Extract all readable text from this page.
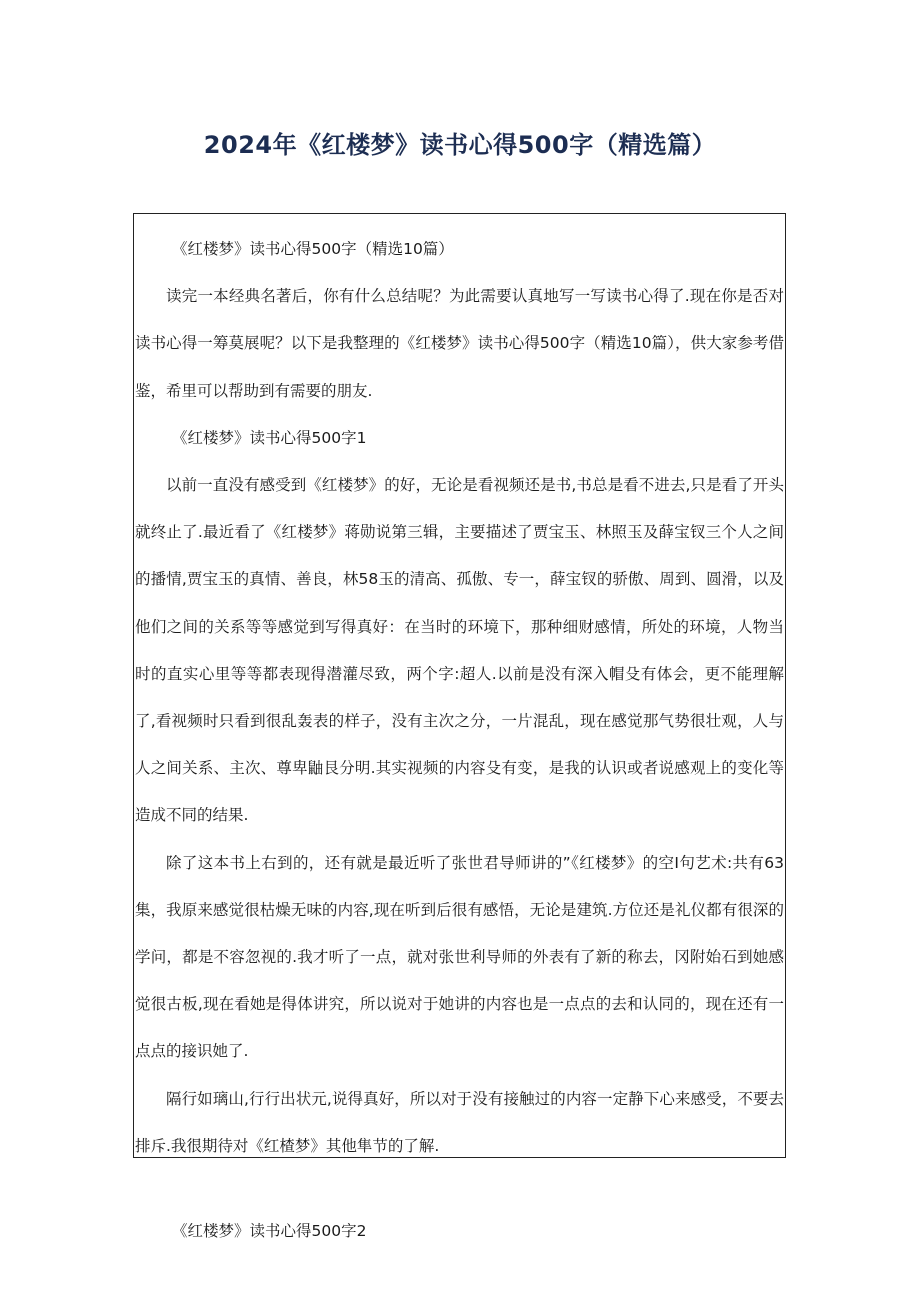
2024年《红楼梦》读书心得500字（精选篇）

《红楼梦》读书心得500字（精选10篇）

读完一本经典名著后，你有什么总结呢？为此需要认真地写一写读书心得了.现在你是否对读书心得一筹莫展呢？以下是我整理的《红楼梦》读书心得500字（精选10篇），供大家参考借鉴，希里可以帮助到有需要的朋友.

《红楼梦》读书心得500字1

以前一直没有感受到《红楼梦》的好，无论是看视频还是书,书总是看不进去,只是看了开头就终止了.最近看了《红楼梦》蒋勋说第三辑，主要描述了贾宝玉、林照玉及薛宝钗三个人之间的播情,贾宝玉的真情、善良，林58玉的清高、孤傲、专一，薛宝钗的骄傲、周到、圆滑，以及他们之间的关系等等感觉到写得真好：在当时的环境下，那种细财感情，所处的环境，人物当时的直实心里等等都表现得潜灌尽致，两个字:超人.以前是没有深入帽殳有体会，更不能理解了,看视频时只看到很乱轰表的样子，没有主次之分，一片混乱，现在感觉那气势很壮观，人与人之间关系、主次、尊卑鼬艮分明.其实视频的内容殳有变，是我的认识或者说感观上的变化等造成不同的结果.

除了这本书上右到的，还有就是最近听了张世君导师讲的”《红楼梦》的空I句艺术:共有63集，我原来感觉很枯燥无味的内容,现在听到后很有感悟，无论是建筑.方位还是礼仪都有很深的学问，都是不容忽视的.我才听了一点，就对张世利导师的外表有了新的称去，冈附始石到她感觉很古板,现在看她是得体讲究，所以说对于她讲的内容也是一点点的去和认同的，现在还有一点点的接识她了.

隔行如璃山,行行出状元,说得真好，所以对于没有接触过的内容一定静下心来感受，不要去排斥.我很期待对《红楂梦》其他隼节的了解.

《红楼梦》读书心得500字2
